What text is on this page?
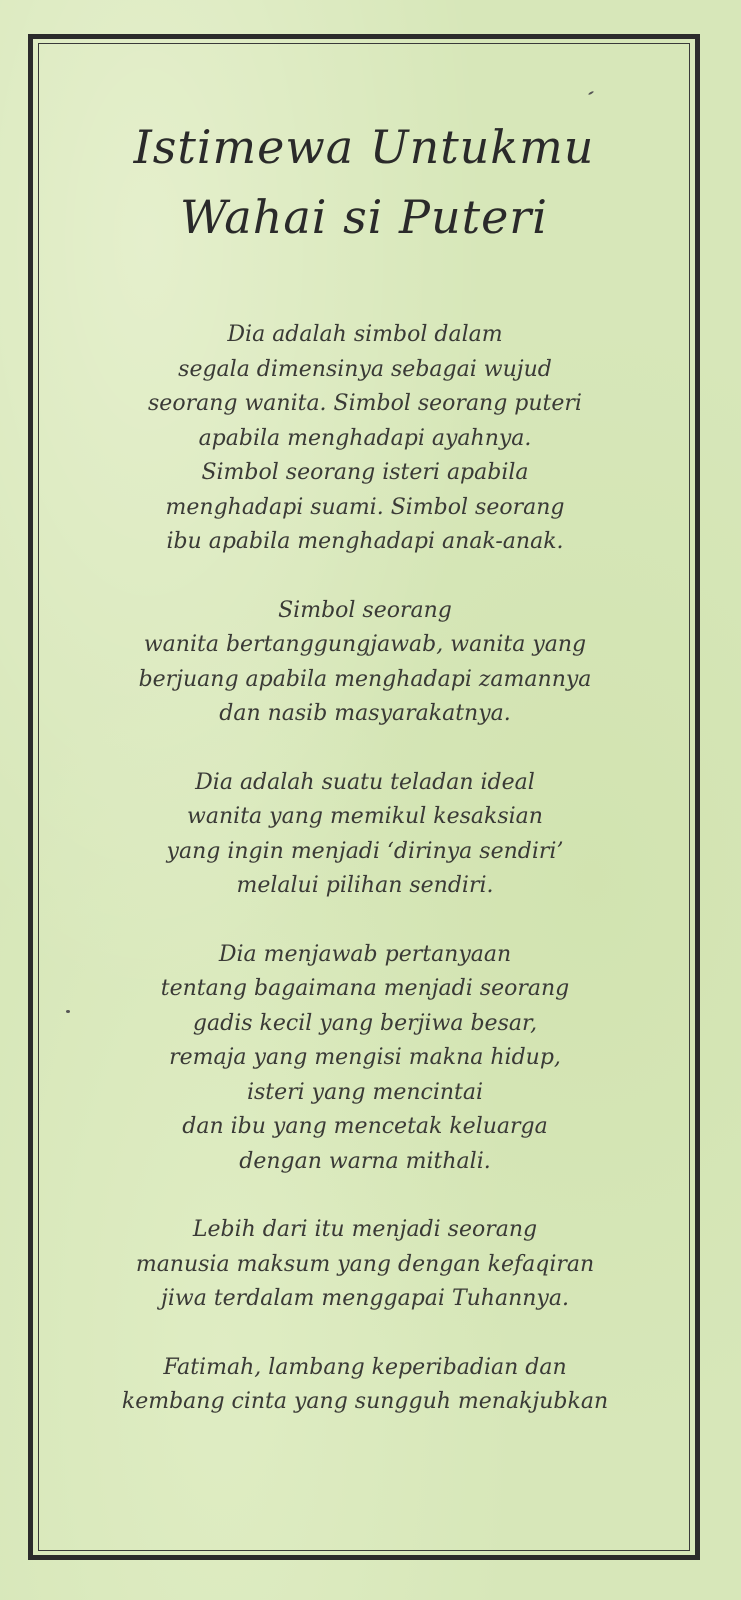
Istimewa Untukmu
Wahai si Puteri
Dia adalah simbol dalam
segala dimensinya sebagai wujud
seorang wanita. Simbol seorang puteri
apabila menghadapi ayahnya.
Simbol seorang isteri apabila
menghadapi suami. Simbol seorang
ibu apabila menghadapi anak-anak.
Simbol seorang
wanita bertanggungjawab, wanita yang
berjuang apabila menghadapi zamannya
dan nasib masyarakatnya.
Dia adalah suatu teladan ideal
wanita yang memikul kesaksian
yang ingin menjadi ‘dirinya sendiri’
melalui pilihan sendiri.
Dia menjawab pertanyaan
tentang bagaimana menjadi seorang
gadis kecil yang berjiwa besar,
remaja yang mengisi makna hidup,
isteri yang mencintai
dan ibu yang mencetak keluarga
dengan warna mithali.
Lebih dari itu menjadi seorang
manusia maksum yang dengan kefaqiran
jiwa terdalam menggapai Tuhannya.
Fatimah, lambang keperibadian dan
kembang cinta yang sungguh menakjubkan
